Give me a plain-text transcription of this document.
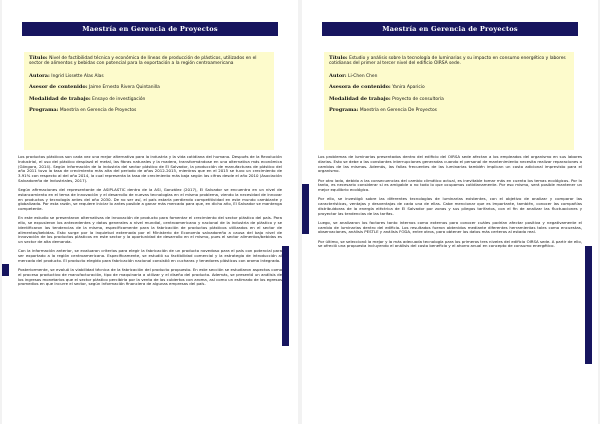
Maestría en Gerencia de Proyectos
Título: Nivel de factibilidad técnica y económica de líneas de producción de plásticos, utilizados en el sector de alimentos y bebidas con potencial para la exportación a la región centroamericana
Autora: Ingrid Lissette Alas Alas
Asesor de contenido: Jaime Ernesto Rivera Quintanilla
Modalidad de trabajo: Ensayo de investigación
Programa: Maestría en Gerencia de Proyectos

Los productos plásticos son cada vez una mejor alternativa para la industria y la vida cotidiana del humano. Después de la Revolución Industrial, el uso del plástico desplazó el metal, las fibras naturales y la madera, transformándose en una alternativa más económica (Góngora, 2014). Según información de la industria del sector plástico de El Salvador, la producción de manufacturas de plástico del año 2011 tuvo la tasa de crecimiento más alta del periodo de años 2012-2015, mientras que en el 2015 se tuvo un crecimiento de 3.91% con respecto al del año 2014, la cual representa la tasa de crecimiento más baja según las cifras desde el año 2010 (Asociación Salvadoreña de Industriales, 2017).

Según afirmaciones del representante de ASIPLASTIC dentro de la ASI, González (2017), El Salvador se encuentra en un nivel de estancamiento en el tema de innovación y el desarrollo de nuevas tecnologías en el mismo problema, viendo la necesidad de innovar en productos y tecnología antes del año 2030. De no ser así, el país estaría perdiendo competitividad en este mundo cambiante y globalizado. Por esta razón, se requiere iniciar lo antes posible a ganar más mercado para que, en dicho año, El Salvador se mantenga competente.

En este estudio se presentaron alternativas de innovación de producto para fomentar el crecimiento del sector plástico del país. Para ello, se expusieron los antecedentes y datos generales a nivel mundial, centroamericano y nacional de la industria de plástico y se identificaron las tendencias de la misma, específicamente para la fabricación de productos plásticos utilizados en el sector de alimentos/bebidas. Esto surge por la inquietud externada por el Ministerio de Economía salvadoreño a causa del bajo nivel de innovación de los productos plásticos en este sector y la oportunidad de desarrollo en el mismo, pues el sector alimentos/bebidas es un sector de alta demanda.

Con la información anterior, se evaluaron criterios para elegir la fabricación de un producto novedoso para el país con potencial para ser exportado a la región centroamericana. Específicamente, se estudió su factibilidad comercial y la estrategia de introducción al mercado del producto. El producto elegido para fabricación nacional consistió en cucharas y tenedores plásticos con aroma integrado.

Posteriormente, se evaluó la viabilidad técnica de la fabricación del producto propuesto. En este sección se estudiaron aspectos como el proceso productivo de manufacturación, tipo de maquinaria a utilizar y el diseño del producto. Además, se presentó un análisis de los ingresos monetarios que el sector plástico percibiría por la venta de los cubiertos con aroma, así como un estimado de los egresos promedios en que incurre el sector, según información financiera de algunas empresas del país.

Maestría en Gerencia de Proyectos
Título: Estudio y análisis sobre la tecnología de luminarias y su impacto en consumo energético y labores cotidianas del primer al tercer nivel del edificio OIRSA sede.
Autor: Li-Chen Chen
Asesora de contenido: Yanira Aparicio
Modalidad de trabajo: Proyecto de consultoría
Programa: Maestría en Gerencia De Proyectos

Los problemas de luminarias presentados dentro del edificio del OIRSA sede afectan a los empleados del organismo en sus labores diarias. Esto se debe a las constantes interrupciones generadas cuando el personal de mantenimiento necesita realizar reparaciones o cambios de las mismas. Además, las fallas frecuentes de las luminarias también implican un costo adicional imprevisto para el organismo.

Por otro lado, debido a las consecuencias del cambio climático actual, es inevitable tomar más en cuenta los temas ecológicos. Por lo tanto, es necesario considerar si es amigable o no todo lo que ocupamos cotidianamente. Por eso mismo, será posible mantener un mejor equilibrio ecológico.

Por ello, se investigó sobre las diferentes tecnologías de luminarias existentes, con el objetivo de analizar y comparar las características, ventajas y desventajas de cada una de ellas. Cabe mencionar que es importante, también, conocer las compañías distribuidoras de la energía eléctrica de El Salvador por zonas y sus pliegos tarifarios, con el fin de analizar las fluctuaciones y proyectar las tendencias de las tarifas.

Luego, se analizaron los factores tanto internos como externos para conocer cuáles podrían afectar positiva y negativamente el cambio de luminarias dentro del edificio. Los resultados fueron obtenidos mediante diferentes herramientas tales como encuestas, observaciones, análisis PESTLE y análisis FODA, entre otros, para obtener los datos más certeros al estado real.

Por último, se seleccionó la mejor y la más adecuada tecnología para los primeros tres niveles del edificio OIRSA sede. A partir de ello, se ofreció una propuesta incluyendo el análisis del costo beneficio y el ahorro anual en concepto de consumo energético.
